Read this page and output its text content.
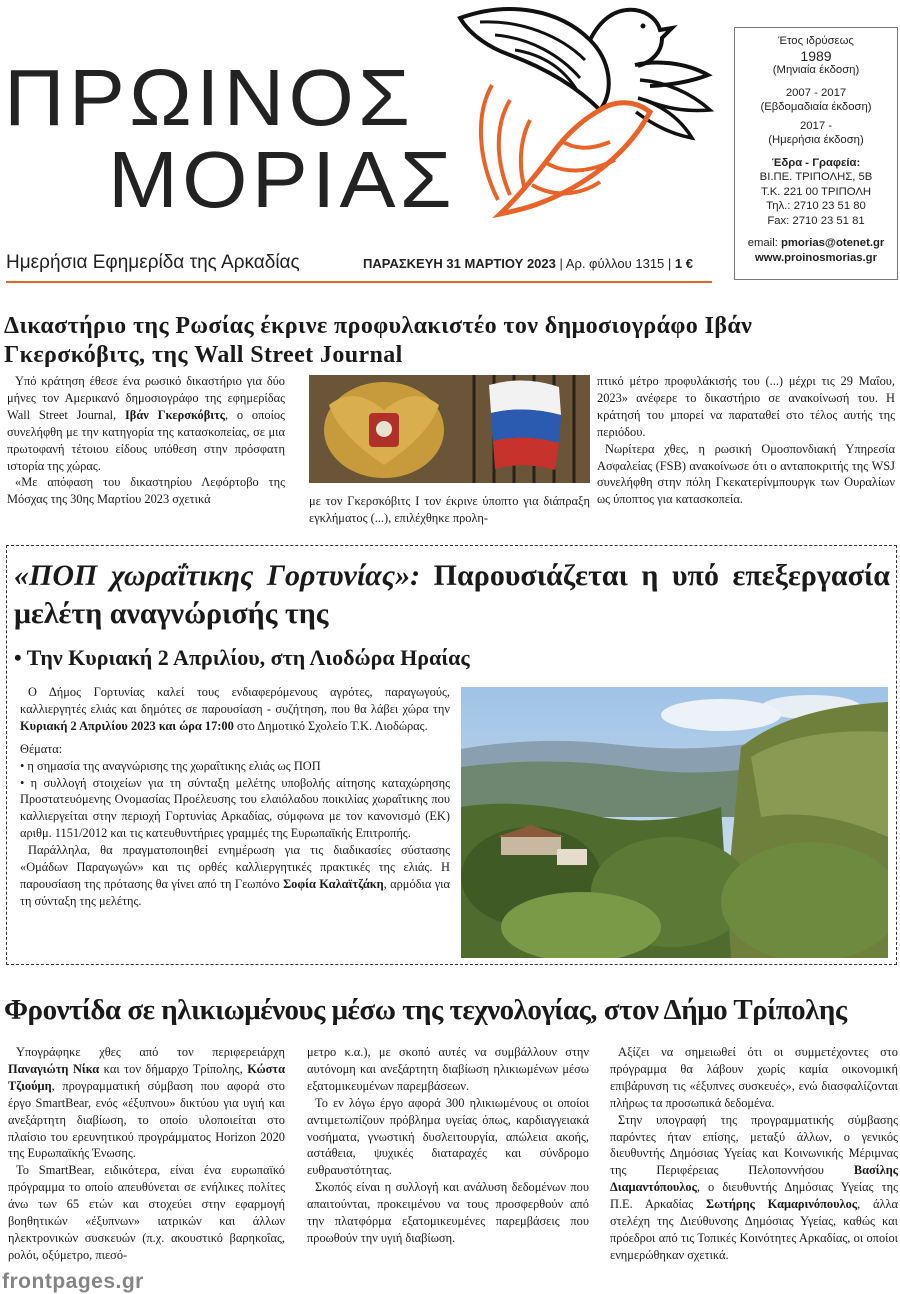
ΠΡΩΙΝΟΣ
ΜΟΡΙΑΣ
Ημερήσια Εφημερίδα της Αρκαδίας	ΠΑΡΑΣΚΕΥΗ 31 ΜΑΡΤΙΟΥ 2023 | Αρ. φύλλου 1315 | 1 €
Έτος ιδρύσεως
1989
(Μηνιαία έκδοση)
2007 - 2017
(Εβδομαδιαία έκδοση)
2017 -
(Ημερήσια έκδοση)
Έδρα - Γραφεία:
ΒΙ.ΠΕ. ΤΡΙΠΟΛΗΣ, 5Β
Τ.Κ. 221 00 ΤΡΙΠΟΛΗ
Τηλ.: 2710 23 51 80
Fax: 2710 23 51 81
email: pmorias@otenet.gr
www.proinosmorias.gr
Δικαστήριο της Ρωσίας έκρινε προφυλακιστέο τον δημοσιογράφο Ιβάν Γκερσκόβιτς, της Wall Street Journal

Υπό κράτηση έθεσε ένα ρωσικό δικαστήριο για δύο μήνες τον Αμερικανό δημοσιογράφο της εφημερίδας Wall Street Journal, Ιβάν Γκερσκόβιτς, ο οποίος συνελήφθη με την κατηγορία της κατασκοπείας, σε μια πρωτοφανή τέτοιου είδους υπόθεση στην πρόσφατη ιστορία της χώρας.

«Με απόφαση του δικαστηρίου Λεφόρτοβο της Μόσχας της 30ης Μαρτίου 2023 σχετικά	με τον Γκερσκόβιτς Ι τον έκρινε ύποπτο για διάπραξη εγκλήματος (...), επιλέχθηκε προλη-

πτικό μέτρο προφυλάκισής του (...) μέχρι τις 29 Μαΐου, 2023» ανέφερε το δικαστήριο σε ανακοίνωσή του. Η κράτησή του μπορεί να παραταθεί στο τέλος αυτής της περιόδου.

Νωρίτερα χθες, η ρωσική Ομοσπονδιακή Υπηρεσία Ασφαλείας (FSB) ανακοίνωσε ότι ο ανταποκριτής της WSJ συνελήφθη στην πόλη Γκεκατερίνμπουργκ των Ουραλίων ως ύποπτος για κατασκοπεία.

«ΠΟΠ χωραΐτικης Γορτυνίας»: Παρουσιάζεται η υπό επεξεργασία μελέτη αναγνώρισής της
• Την Κυριακή 2 Απριλίου, στη Λιοδώρα Ηραίας

Ο Δήμος Γορτυνίας καλεί τους ενδιαφερόμενους αγρότες, παραγωγούς, καλλιεργητές ελιάς και δημότες σε παρουσίαση - συζήτηση, που θα λάβει χώρα την Κυριακή 2 Απριλίου 2023 και ώρα 17:00 στο Δημοτικό Σχολείο Τ.Κ. Λιοδώρας.

Θέματα:

• η σημασία της αναγνώρισης της χωραΐτικης ελιάς ως ΠΟΠ

• η συλλογή στοιχείων για τη σύνταξη μελέτης υποβολής αίτησης καταχώρησης Προστατευόμενης Ονομασίας Προέλευσης του ελαιόλαδου ποικιλίας χωραΐτικης που καλλιεργείται στην περιοχή Γορτυνίας Αρκαδίας, σύμφωνα με τον κανονισμό (ΕΚ) αριθμ. 1151/2012 και τις κατευθυντήριες γραμμές της Ευρωπαϊκής Επιτροπής.

Παράλληλα, θα πραγματοποιηθεί ενημέρωση για τις διαδικασίες σύστασης «Ομάδων Παραγωγών» και τις ορθές καλλιεργητικές πρακτικές της ελιάς. Η παρουσίαση της πρότασης θα γίνει από τη Γεωπόνο Σοφία Καλαϊτζάκη, αρμόδια για τη σύνταξη της μελέτης.

Φροντίδα σε ηλικιωμένους μέσω της τεχνολογίας, στον Δήμο Τρίπολης

Υπογράφηκε χθες από τον περιφερειάρχη Παναγιώτη Νίκα και τον δήμαρχο Τρίπολης, Κώστα Τζιούμη, προγραμματική σύμβαση που αφορά στο έργο SmartBear, ενός «έξυπνου» δικτύου για υγιή και ανεξάρτητη διαβίωση, το οποίο υλοποιείται στο πλαίσιο του ερευνητικού προγράμματος Horizon 2020 της Ευρωπαϊκής Ένωσης.

Το SmartBear, ειδικότερα, είναι ένα ευρωπαϊκό πρόγραμμα το οποίο απευθύνεται σε ενήλικες πολίτες άνω των 65 ετών και στοχεύει στην εφαρμογή βοηθητικών «έξυπνων» ιατρικών και άλλων ηλεκτρονικών συσκευών (π.χ. ακουστικό βαρηκοΐας, ρολόι, οξύμετρο, πιεσό-

μετρο κ.α.), με σκοπό αυτές να συμβάλλουν στην αυτόνομη και ανεξάρτητη διαβίωση ηλικιωμένων μέσω εξατομικευμένων παρεμβάσεων.

Το εν λόγω έργο αφορά 300 ηλικιωμένους οι οποίοι αντιμετωπίζουν πρόβλημα υγείας όπως, καρδιαγγειακά νοσήματα, γνωστική δυσλειτουργία, απώλεια ακοής, αστάθεια, ψυχικές διαταραχές και σύνδρομο ευθραυστότητας.

Σκοπός είναι η συλλογή και ανάλυση δεδομένων που απαιτούνται, προκειμένου να τους προσφερθούν από την πλατφόρμα εξατομικευμένες παρεμβάσεις που προωθούν την υγιή διαβίωση.

Αξίζει να σημειωθεί ότι οι συμμετέχοντες στο πρόγραμμα θα λάβουν χωρίς καμία οικονομική επιβάρυνση τις «έξυπνες συσκευές», ενώ διασφαλίζονται πλήρως τα προσωπικά δεδομένα.

Στην υπογραφή της προγραμματικής σύμβασης παρόντες ήταν επίσης, μεταξύ άλλων, ο γενικός διευθυντής Δημόσιας Υγείας και Κοινωνικής Μέριμνας της Περιφέρειας Πελοποννήσου Βασίλης Διαμαντόπουλος, ο διευθυντής Δημόσιας Υγείας της Π.Ε. Αρκαδίας Σωτήρης Καμαρινόπουλος, άλλα στελέχη της Διεύθυνσης Δημόσιας Υγείας, καθώς και πρόεδροι από τις Τοπικές Κοινότητες Αρκαδίας, οι οποίοι ενημερώθηκαν σχετικά.

frontpages.gr
